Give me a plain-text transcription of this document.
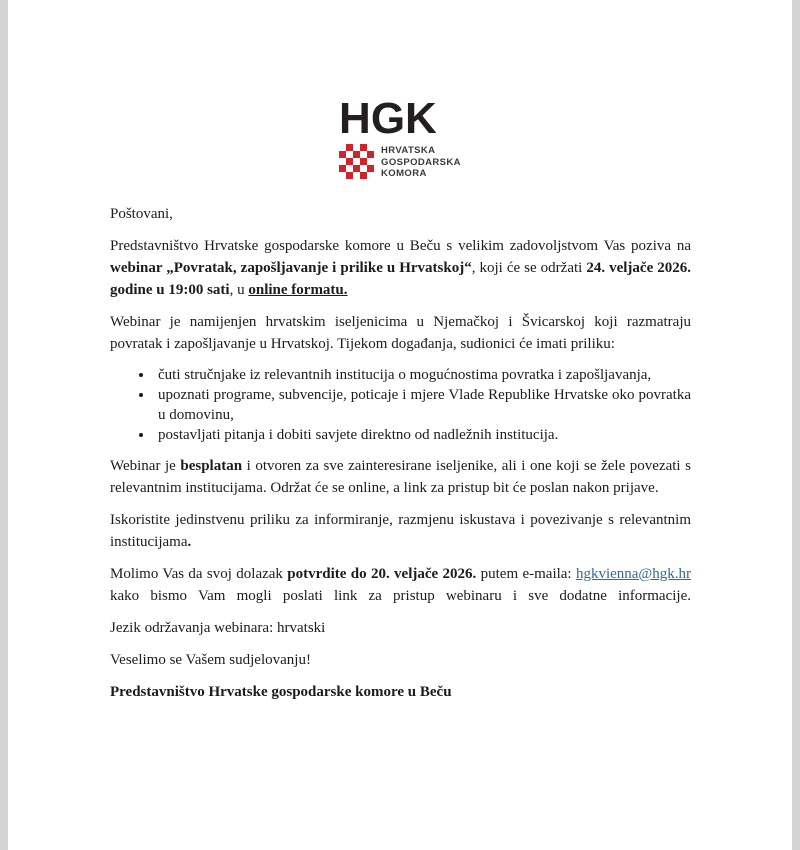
HGK
HRVATSKA
GOSPODARSKA
KOMORA

Poštovani,

Predstavništvo Hrvatske gospodarske komore u Beču s velikim zadovoljstvom Vas poziva na webinar „Povratak, zapošljavanje i prilike u Hrvatskoj“, koji će se održati 24. veljače 2026. godine u 19:00 sati, u online formatu.

Webinar je namijenjen hrvatskim iseljenicima u Njemačkoj i Švicarskoj koji razmatraju povratak i zapošljavanje u Hrvatskoj. Tijekom događanja, sudionici će imati priliku:

• čuti stručnjake iz relevantnih institucija o mogućnostima povratka i zapošljavanja,
• upoznati programe, subvencije, poticaje i mjere Vlade Republike Hrvatske oko povratka u domovinu,
• postavljati pitanja i dobiti savjete direktno od nadležnih institucija.

Webinar je besplatan i otvoren za sve zainteresirane iseljenike, ali i one koji se žele povezati s relevantnim institucijama. Održat će se online, a link za pristup bit će poslan nakon prijave.

Iskoristite jedinstvenu priliku za informiranje, razmjenu iskustava i povezivanje s relevantnim institucijama.

Molimo Vas da svoj dolazak potvrdite do 20. veljače 2026. putem e-maila: hgkvienna@hgk.hr kako bismo Vam mogli poslati link za pristup webinaru i sve dodatne informacije.

Jezik održavanja webinara: hrvatski

Veselimo se Vašem sudjelovanju!

Predstavništvo Hrvatske gospodarske komore u Beču
